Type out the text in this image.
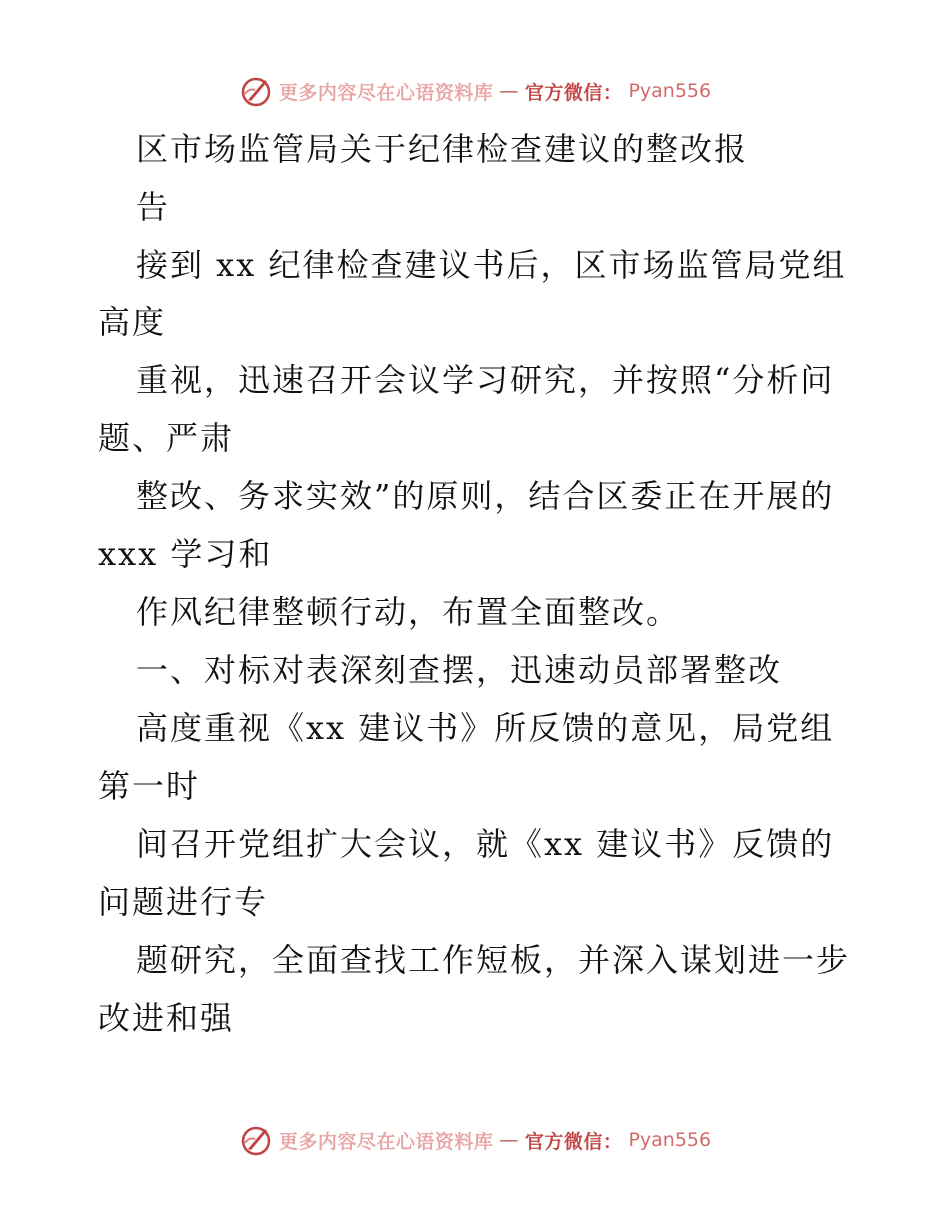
更多内容尽在心语资料库 — 官方微信： Pyan556
区市场监管局关于纪律检查建议的整改报
告
接到 xx 纪律检查建议书后，区市场监管局党组
高度
重视，迅速召开会议学习研究，并按照“分析问
题、严肃
整改、务求实效”的原则，结合区委正在开展的
xxx 学习和
作风纪律整顿行动，布置全面整改。
一、对标对表深刻查摆，迅速动员部署整改
高度重视《xx 建议书》所反馈的意见，局党组
第一时
间召开党组扩大会议，就《xx 建议书》反馈的
问题进行专
题研究，全面查找工作短板，并深入谋划进一步
改进和强
更多内容尽在心语资料库 — 官方微信： Pyan556
